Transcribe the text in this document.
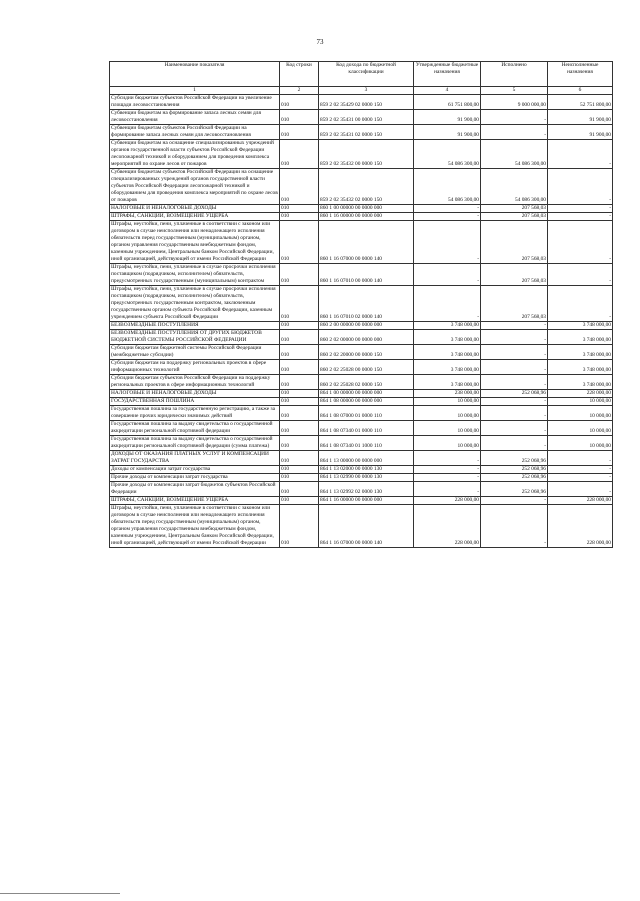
73
Наименование показателя	Код строки	Код дохода по бюджетной классификации	Утвержденные бюджетные назначения	Исполнено	Неисполненные назначения
1	2	3	4	5	6
Субсидии бюджетам субъектов Российской Федерации на увеличение площади лесовосстановления	010	859 2 02 35429 02 0000 150	61 751 800,00	9 000 000,00	52 751 800,00
Субвенции бюджетам на формирование запаса лесных семян для лесовосстановления	010	859 2 02 35431 00 0000 150	91 900,00	-	91 900,00
Субвенции бюджетам субъектов Российской Федерации на формирование запаса лесных семян для лесовосстановления	010	859 2 02 35431 02 0000 150	91 900,00	-	91 900,00
Субвенции бюджетам на оснащение специализированных учреждений органов государственной власти субъектов Российской Федерации лесопожарной техникой и оборудованием для проведения комплекса мероприятий по охране лесов от пожаров	010	859 2 02 35432 00 0000 150	54 086 300,00	54 086 300,00	-
Субвенции бюджетам субъектов Российской Федерации на оснащение специализированных учреждений органов государственной власти субъектов Российской Федерации лесопожарной техникой и оборудованием для проведения комплекса мероприятий по охране лесов от пожаров	010	859 2 02 35432 02 0000 150	54 086 300,00	54 086 300,00	-
НАЛОГОВЫЕ И НЕНАЛОГОВЫЕ ДОХОДЫ	010	860 1 00 00000 00 0000 000	-	207 568,03	-
ШТРАФЫ, САНКЦИИ, ВОЗМЕЩЕНИЕ УЩЕРБА	010	860 1 16 00000 00 0000 000	-	207 568,03	-
Штрафы, неустойки, пени, уплаченные в соответствии с законом или договором в случае неисполнения или ненадлежащего исполнения обязательств перед государственным (муниципальным) органом, органом управления государственным внебюджетным фондом, казенным учреждением, Центральным банком Российской Федерации, иной организацией, действующей от имени Российской Федерации	010	860 1 16 07000 00 0000 140	-	207 568,03	-
Штрафы, неустойки, пени, уплаченные в случае просрочки исполнения поставщиком (подрядчиком, исполнителем) обязательств, предусмотренных государственным (муниципальным) контрактом	010	860 1 16 07010 00 0000 140	-	207 568,03	-
Штрафы, неустойки, пени, уплаченные в случае просрочки исполнения поставщиком (подрядчиком, исполнителем) обязательств, предусмотренных государственным контрактом, заключенным государственным органом субъекта Российской Федерации, казенным учреждением субъекта Российской Федерации	010	860 1 16 07010 02 0000 140	-	207 568,03	-
БЕЗВОЗМЕЗДНЫЕ ПОСТУПЛЕНИЯ	010	860 2 00 00000 00 0000 000	3 748 000,00	-	3 748 000,00
БЕЗВОЗМЕЗДНЫЕ ПОСТУПЛЕНИЯ ОТ ДРУГИХ БЮДЖЕТОВ БЮДЖЕТНОЙ СИСТЕМЫ РОССИЙСКОЙ ФЕДЕРАЦИИ	010	860 2 02 00000 00 0000 000	3 748 000,00	-	3 748 000,00
Субсидии бюджетам бюджетной системы Российской Федерации (межбюджетные субсидии)	010	860 2 02 20000 00 0000 150	3 748 000,00	-	3 748 000,00
Субсидии бюджетам на поддержку региональных проектов в сфере информационных технологий	010	860 2 02 25028 00 0000 150	3 748 000,00	-	3 748 000,00
Субсидии бюджетам субъектов Российской Федерации на поддержку региональных проектов в сфере информационных технологий	010	860 2 02 25028 02 0000 150	3 748 000,00	-	3 748 000,00
НАЛОГОВЫЕ И НЕНАЛОГОВЫЕ ДОХОДЫ	010	864 1 00 00000 00 0000 000	238 000,00	252 068,96	228 000,00
ГОСУДАРСТВЕННАЯ ПОШЛИНА	010	864 1 08 00000 00 0000 000	10 000,00	-	10 000,00
Государственная пошлина за государственную регистрацию, а также за совершение прочих юридически значимых действий	010	864 1 08 07000 01 0000 110	10 000,00	-	10 000,00
Государственная пошлина за выдачу свидетельства о государственной аккредитации региональной спортивной федерации	010	864 1 08 07340 01 0000 110	10 000,00	-	10 000,00
Государственная пошлина за выдачу свидетельства о государственной аккредитации региональной спортивной федерации (сумма платежа)	010	864 1 08 07340 01 1000 110	10 000,00	-	10 000,00
ДОХОДЫ ОТ ОКАЗАНИЯ ПЛАТНЫХ УСЛУГ И КОМПЕНСАЦИИ ЗАТРАТ ГОСУДАРСТВА	010	864 1 13 00000 00 0000 000	-	252 068,96	-
Доходы от компенсации затрат государства	010	864 1 13 02000 00 0000 130	-	252 068,96	-
Прочие доходы от компенсации затрат государства	010	864 1 13 02990 00 0000 130	-	252 068,96	-
Прочие доходы от компенсации затрат бюджетов субъектов Российской Федерации	010	864 1 13 02992 02 0000 130	-	252 068,96	-
ШТРАФЫ, САНКЦИИ, ВОЗМЕЩЕНИЕ УЩЕРБА	010	864 1 16 00000 00 0000 000	228 000,00	-	228 000,00
Штрафы, неустойки, пени, уплаченные в соответствии с законом или договором в случае неисполнения или ненадлежащего исполнения обязательств перед государственным (муниципальным) органом, органом управления государственным внебюджетным фондом, казенным учреждением, Центральным банком Российской Федерации, иной организацией, действующей от имени Российской Федерации	010	864 1 16 07000 00 0000 140	228 000,00	-	228 000,00
